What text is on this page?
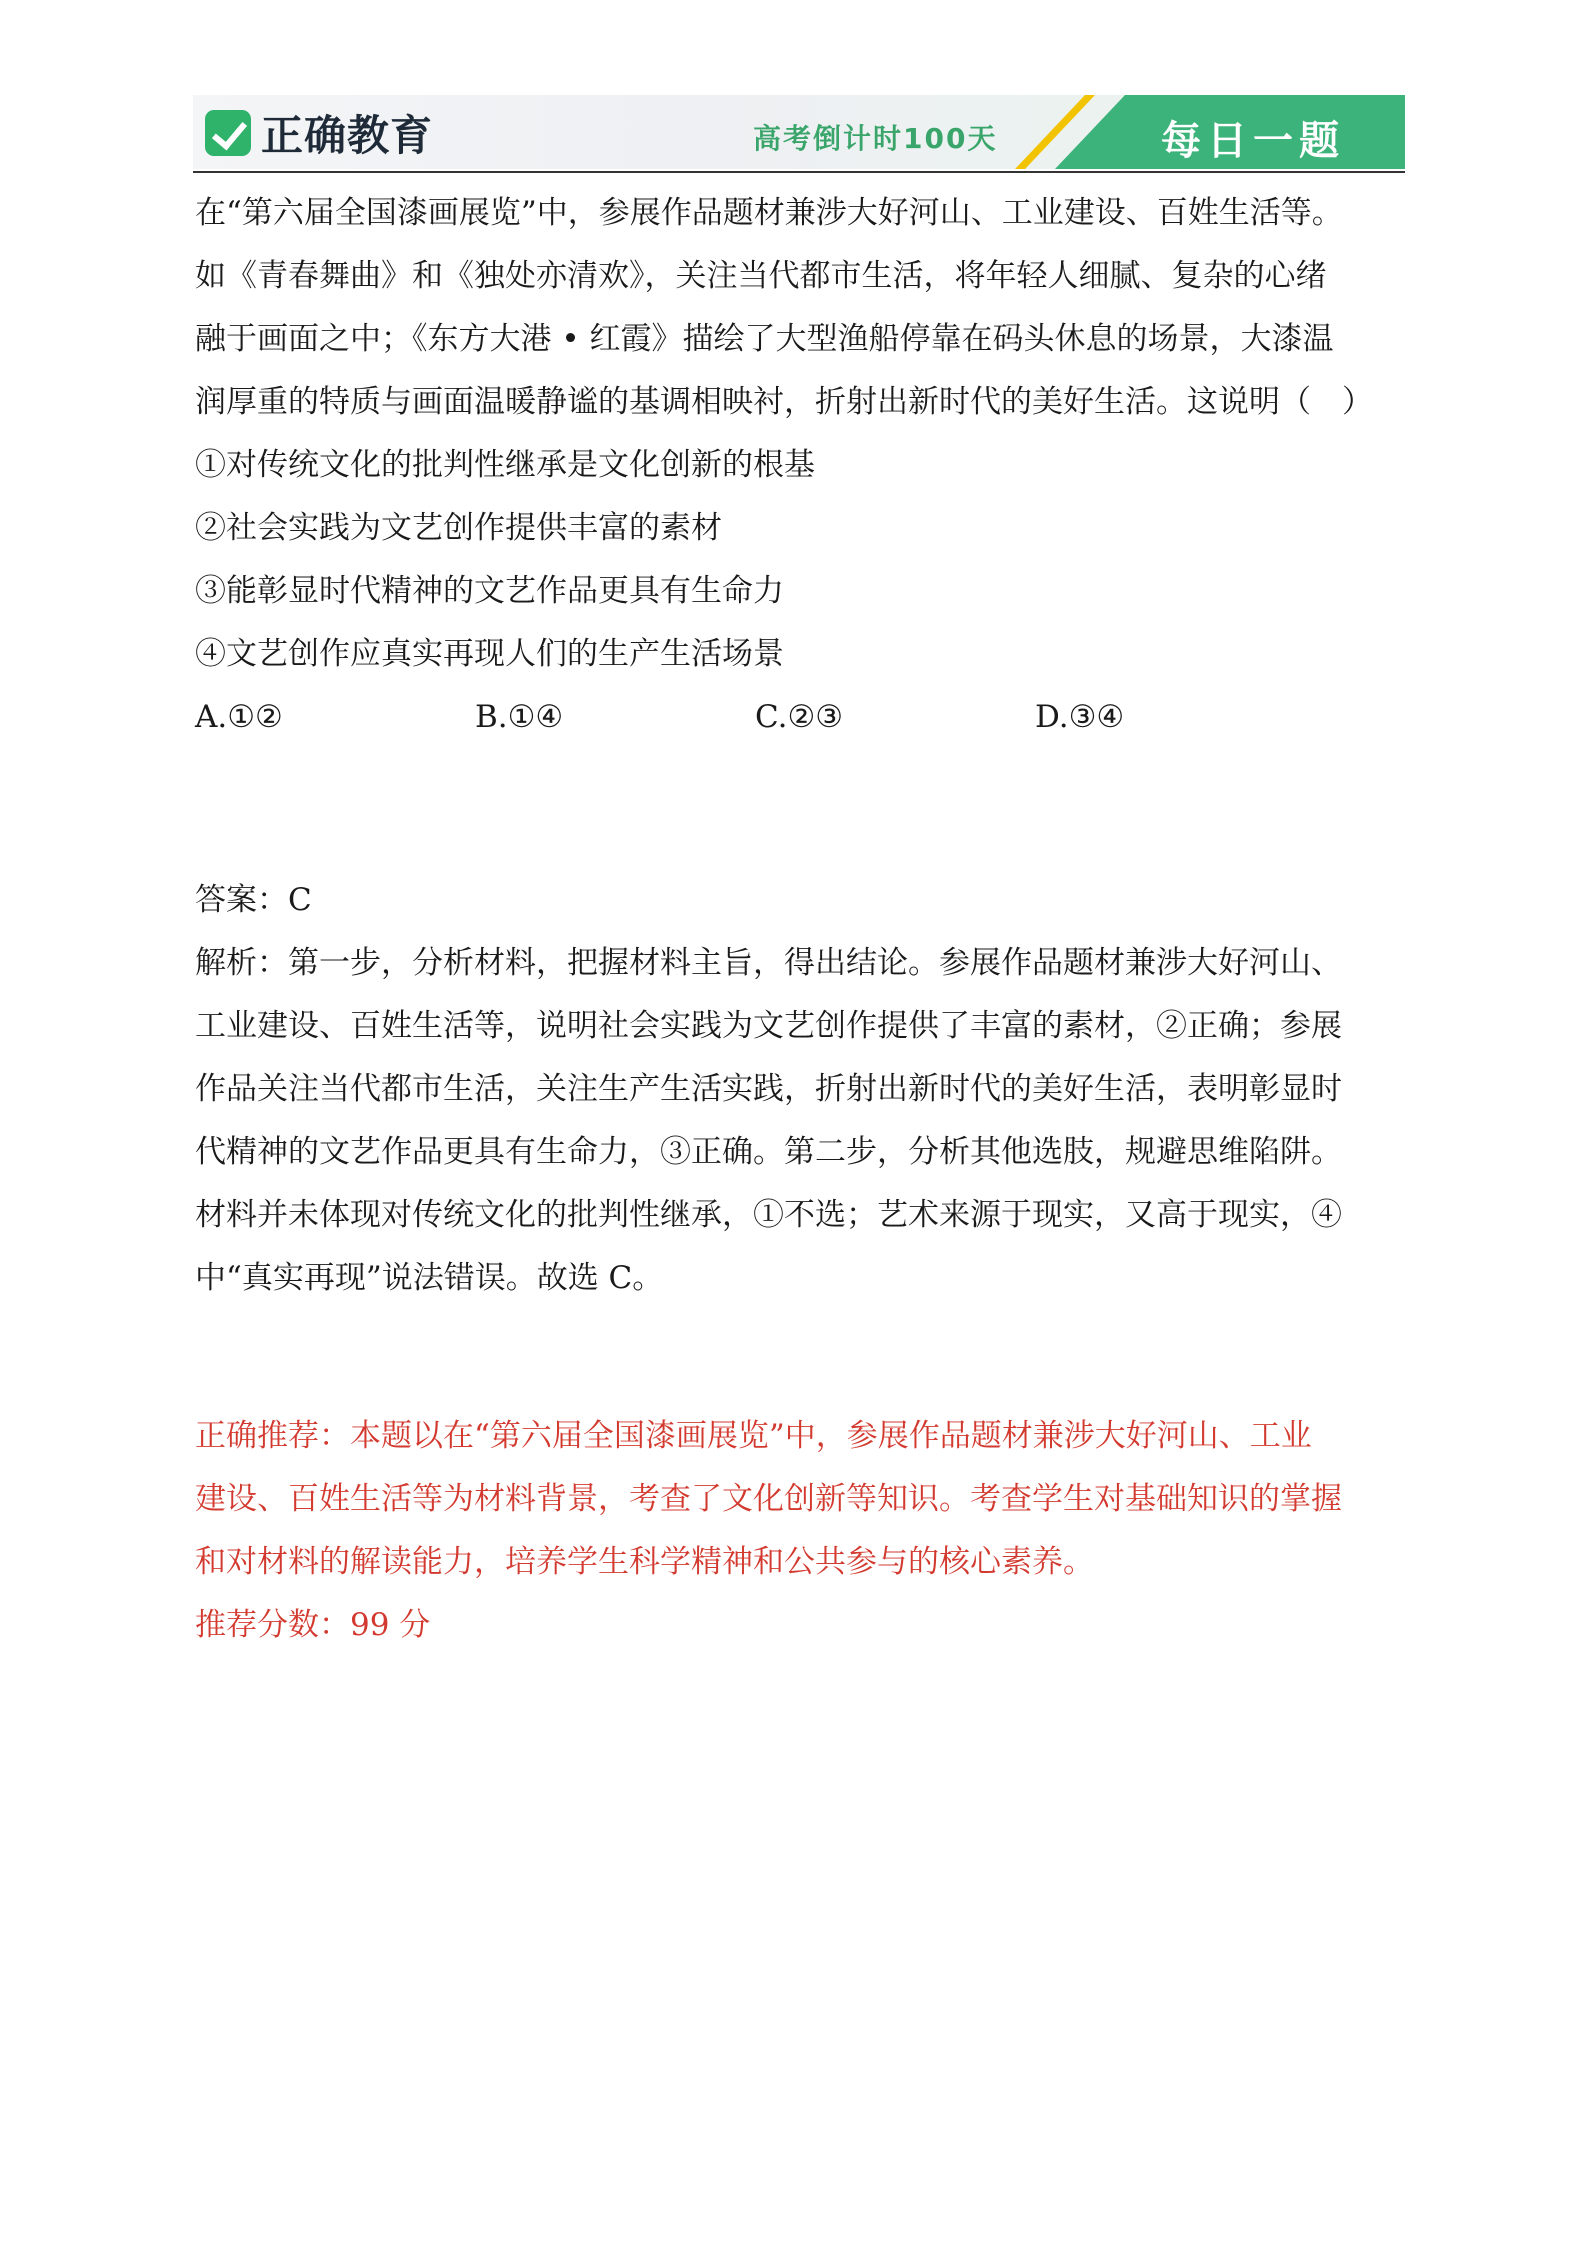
正确教育	高考倒计时100天	每日一题
在“第六届全国漆画展览”中，参展作品题材兼涉大好河山、工业建设、百姓生活等。
如《青春舞曲》和《独处亦清欢》，关注当代都市生活，将年轻人细腻、复杂的心绪
融于画面之中；《东方大港 • 红霞》描绘了大型渔船停靠在码头休息的场景，大漆温
润厚重的特质与画面温暖静谧的基调相映衬，折射出新时代的美好生活。这说明（　）
①对传统文化的批判性继承是文化创新的根基
②社会实践为文艺创作提供丰富的素材
③能彰显时代精神的文艺作品更具有生命力
④文艺创作应真实再现人们的生产生活场景
A.①②	B.①④	C.②③	D.③④
答案：C
解析：第一步，分析材料，把握材料主旨，得出结论。参展作品题材兼涉大好河山、
工业建设、百姓生活等，说明社会实践为文艺创作提供了丰富的素材，②正确；参展
作品关注当代都市生活，关注生产生活实践，折射出新时代的美好生活，表明彰显时
代精神的文艺作品更具有生命力，③正确。第二步，分析其他选肢，规避思维陷阱。
材料并未体现对传统文化的批判性继承，①不选；艺术来源于现实，又高于现实，④
中“真实再现”说法错误。故选 C。
正确推荐：本题以在“第六届全国漆画展览”中，参展作品题材兼涉大好河山、工业
建设、百姓生活等为材料背景，考查了文化创新等知识。考查学生对基础知识的掌握
和对材料的解读能力，培养学生科学精神和公共参与的核心素养。
推荐分数：99 分
